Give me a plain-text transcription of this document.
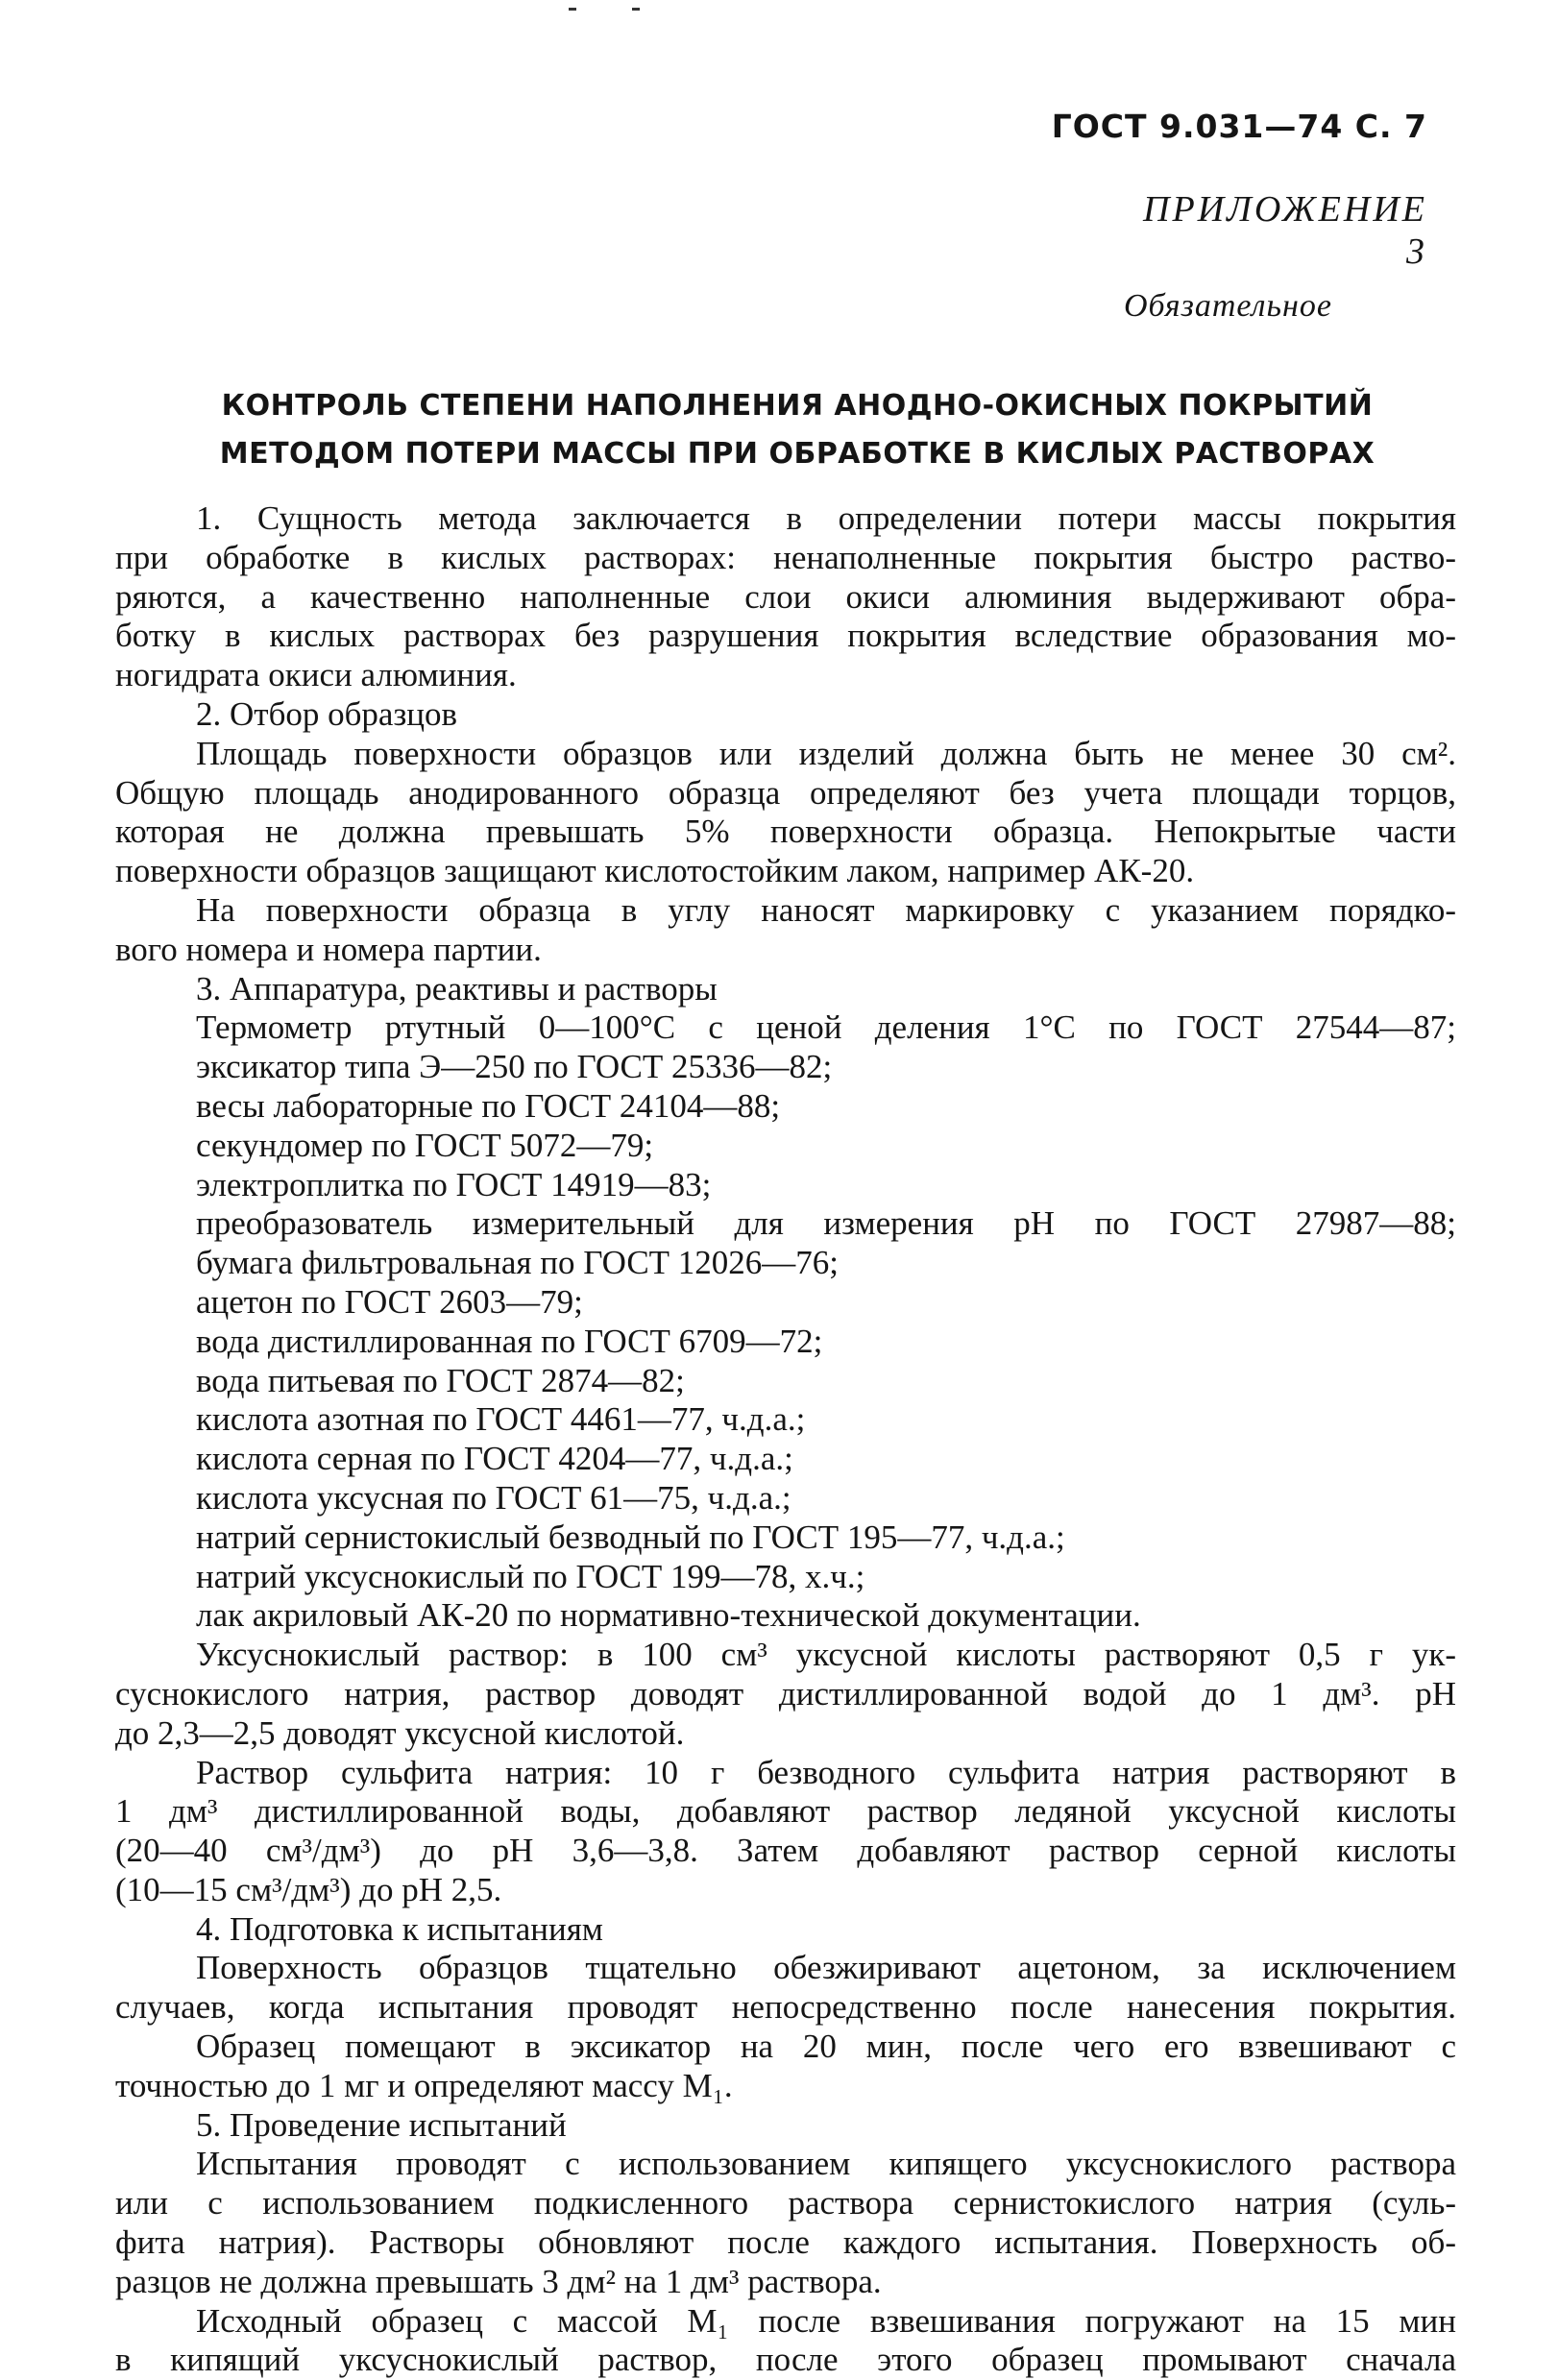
ГОСТ 9.031—74 С. 7
ПРИЛОЖЕНИЕ 3
Обязательное
КОНТРОЛЬ СТЕПЕНИ НАПОЛНЕНИЯ АНОДНО-ОКИСНЫХ ПОКРЫТИЙ
МЕТОДОМ ПОТЕРИ МАССЫ ПРИ ОБРАБОТКЕ В КИСЛЫХ РАСТВОРАХ
1. Сущность метода заключается в определении потери массы покрытия
при обработке в кислых растворах: ненаполненные покрытия быстро раство-
ряются, а качественно наполненные слои окиси алюминия выдерживают обра-
ботку в кислых растворах без разрушения покрытия вследствие образования мо-
ногидрата окиси алюминия.
2. Отбор образцов
Площадь поверхности образцов или изделий должна быть не менее 30 см².
Общую площадь анодированного образца определяют без учета площади торцов,
которая не должна превышать 5% поверхности образца. Непокрытые части
поверхности образцов защищают кислотостойким лаком, например АК-20.
На поверхности образца в углу наносят маркировку с указанием порядко-
вого номера и номера партии.
3. Аппаратура, реактивы и растворы
Термометр ртутный 0—100°С с ценой деления 1°С по ГОСТ 27544—87;
эксикатор типа Э—250 по ГОСТ 25336—82;
весы лабораторные по ГОСТ 24104—88;
секундомер по ГОСТ 5072—79;
электроплитка по ГОСТ 14919—83;
преобразователь измерительный для измерения рН по ГОСТ 27987—88;
бумага фильтровальная по ГОСТ 12026—76;
ацетон по ГОСТ 2603—79;
вода дистиллированная по ГОСТ 6709—72;
вода питьевая по ГОСТ 2874—82;
кислота азотная по ГОСТ 4461—77, ч.д.а.;
кислота серная по ГОСТ 4204—77, ч.д.а.;
кислота уксусная по ГОСТ 61—75, ч.д.а.;
натрий сернистокислый безводный по ГОСТ 195—77, ч.д.а.;
натрий уксуснокислый по ГОСТ 199—78, х.ч.;
лак акриловый АК-20 по нормативно-технической документации.
Уксуснокислый раствор: в 100 см³ уксусной кислоты растворяют 0,5 г ук-
суснокислого натрия, раствор доводят дистиллированной водой до 1 дм³. рН
до 2,3—2,5 доводят уксусной кислотой.
Раствор сульфита натрия: 10 г безводного сульфита натрия растворяют в
1 дм³ дистиллированной воды, добавляют раствор ледяной уксусной кислоты
(20—40 см³/дм³) до рН 3,6—3,8. Затем добавляют раствор серной кислоты
(10—15 см³/дм³) до рН 2,5.
4. Подготовка к испытаниям
Поверхность образцов тщательно обезжиривают ацетоном, за исключением
случаев, когда испытания проводят непосредственно после нанесения покрытия.
Образец помещают в эксикатор на 20 мин, после чего его взвешивают с
точностью до 1 мг и определяют массу М₁.
5. Проведение испытаний
Испытания проводят с использованием кипящего уксуснокислого раствора
или с использованием подкисленного раствора сернистокислого натрия (суль-
фита натрия). Растворы обновляют после каждого испытания. Поверхность об-
разцов не должна превышать 3 дм² на 1 дм³ раствора.
Исходный образец с массой М₁ после взвешивания погружают на 15 мин
в кипящий уксуснокислый раствор, после этого образец промывают сначала
